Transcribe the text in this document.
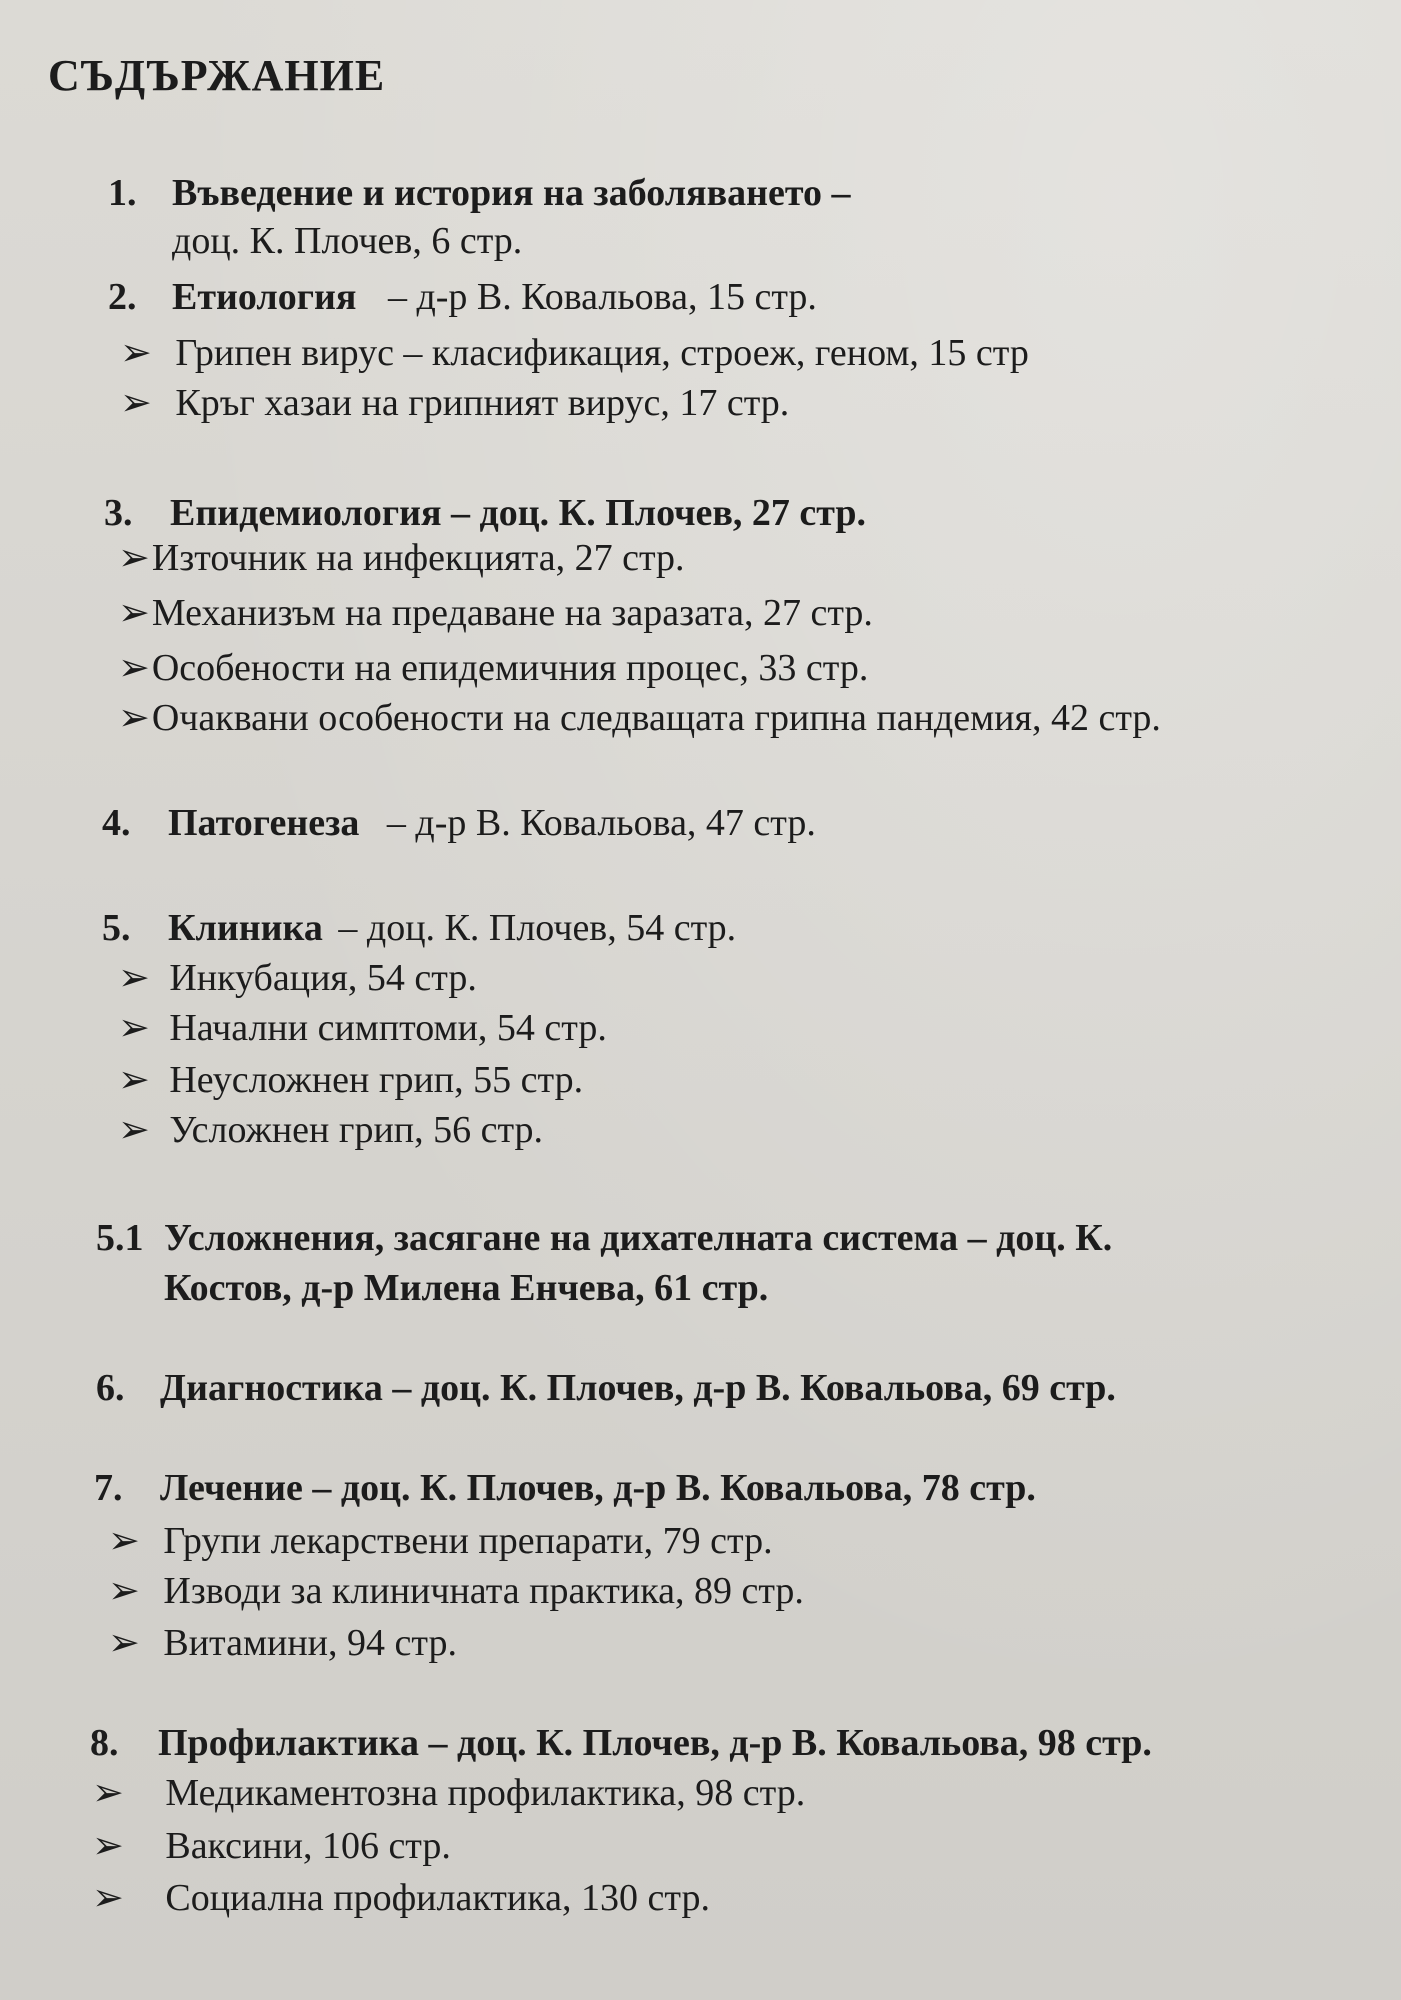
СЪДЪРЖАНИЕ
1. Въведение и история на заболяването –
доц. К. Плочев, 6 стр.
2. Етиология – д-р В. Ковальова, 15 стр.
➢ Грипен вирус – класификация, строеж, геном, 15 стр
➢ Кръг хазаи на грипният вирус, 17 стр.
3. Епидемиология – доц. К. Плочев, 27 стр.
➢Източник на инфекцията, 27 стр.
➢Механизъм на предаване на заразата, 27 стр.
➢Особености на епидемичния процес, 33 стр.
➢Очаквани особености на следващата грипна пандемия, 42 стр.
4. Патогенеза – д-р В. Ковальова, 47 стр.
5. Клиника – доц. К. Плочев, 54 стр.
➢ Инкубация, 54 стр.
➢ Начални симптоми, 54 стр.
➢ Неусложнен грип, 55 стр.
➢ Усложнен грип, 56 стр.
5.1 Усложнения, засягане на дихателната система – доц. К.
Костов, д-р Милена Енчева, 61 стр.
6. Диагностика – доц. К. Плочев, д-р В. Ковальова, 69 стр.
7. Лечение – доц. К. Плочев, д-р В. Ковальова, 78 стр.
➢ Групи лекарствени препарати, 79 стр.
➢ Изводи за клиничната практика, 89 стр.
➢ Витамини, 94 стр.
8. Профилактика – доц. К. Плочев, д-р В. Ковальова, 98 стр.
➢ Медикаментозна профилактика, 98 стр.
➢ Ваксини, 106 стр.
➢ Социална профилактика, 130 стр.
